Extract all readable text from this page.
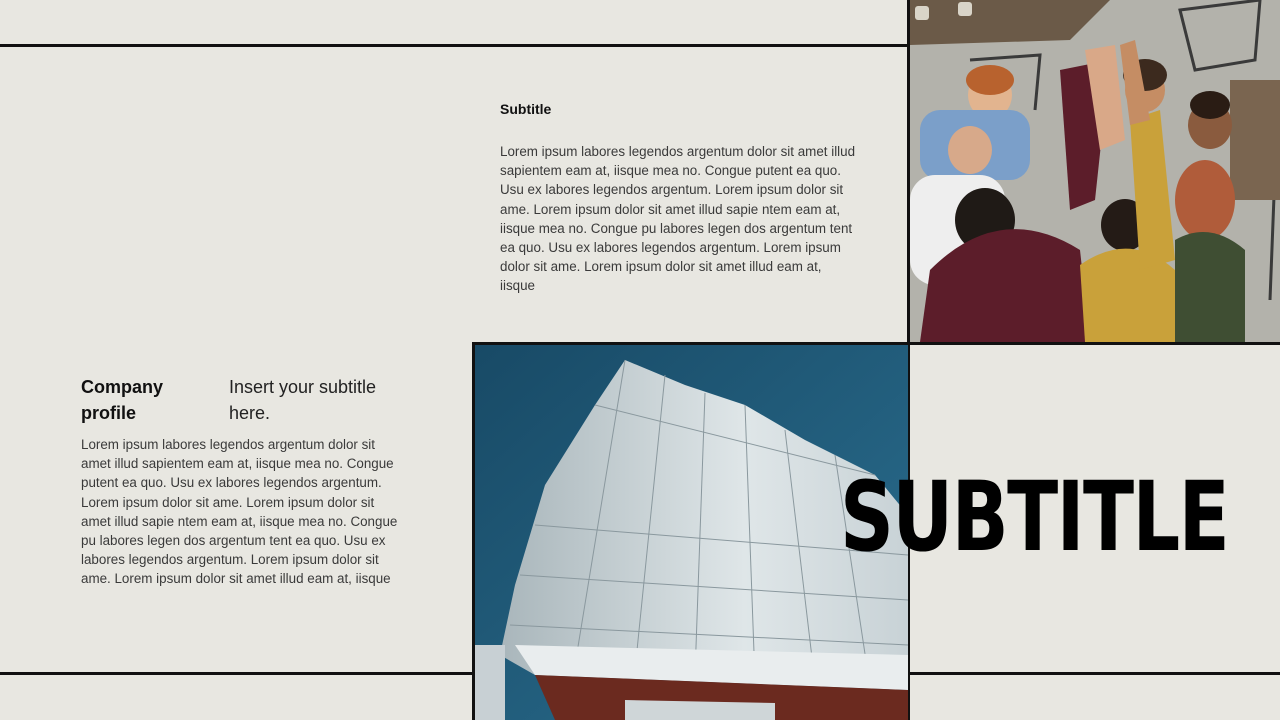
Subtitle
Lorem ipsum labores legendos argentum dolor sit amet illud sapientem eam at, iisque mea no. Congue putent ea quo. Usu ex labores legendos argentum. Lorem ipsum dolor sit ame. Lorem ipsum dolor sit amet illud sapie ntem eam at, iisque mea no. Congue pu labores legen dos argentum tent ea quo. Usu ex labores legendos argentum. Lorem ipsum dolor sit ame. Lorem ipsum dolor sit amet illud eam at, iisque
Company profile
Insert your subtitle here.
Lorem ipsum labores legendos argentum dolor sit amet illud sapientem eam at, iisque mea no. Congue putent ea quo. Usu ex labores legendos argentum. Lorem ipsum dolor sit ame. Lorem ipsum dolor sit amet illud sapie ntem eam at, iisque mea no. Congue pu labores legen dos argentum tent ea quo. Usu ex labores legendos argentum. Lorem ipsum dolor sit ame. Lorem ipsum dolor sit amet illud eam at, iisque
SUBTITLE
